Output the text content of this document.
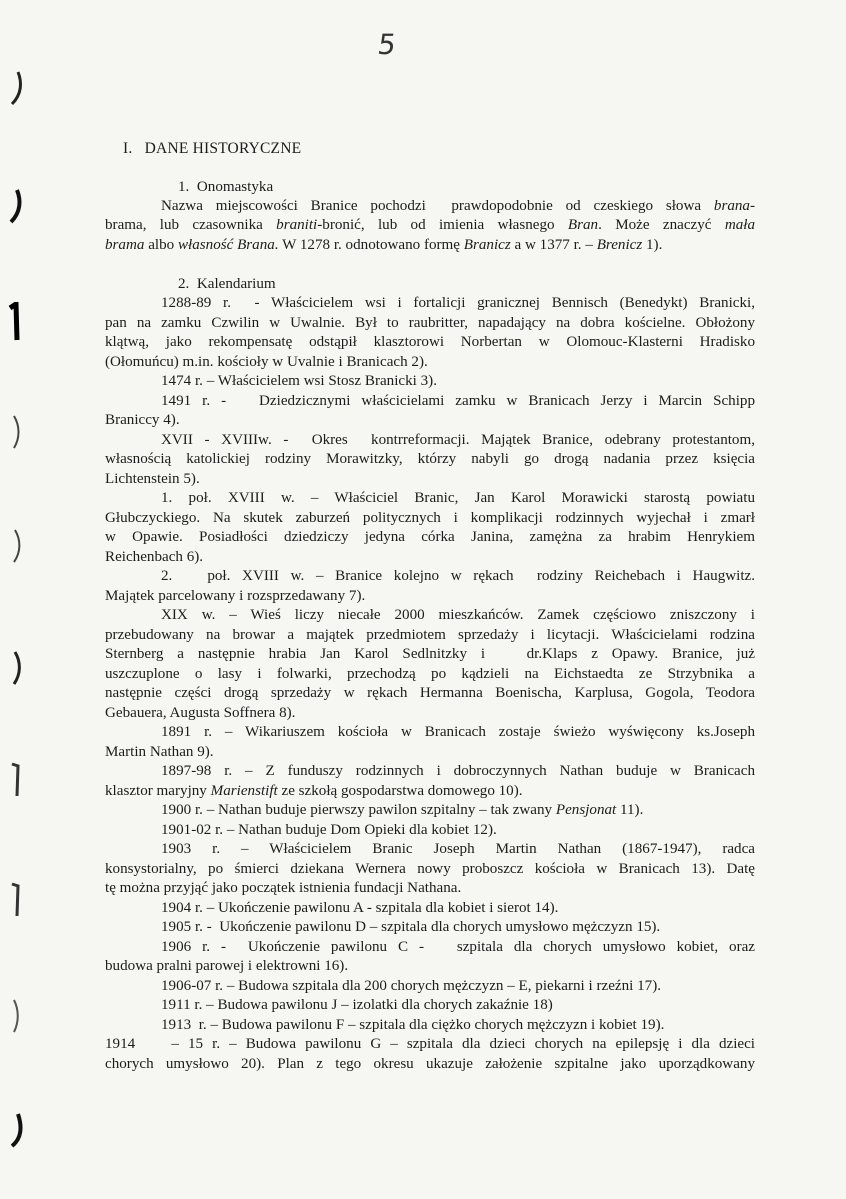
5
I.   DANE HISTORYCZNE
1.  Onomastyka
Nazwa miejscowości Branice pochodzi  prawdopodobnie od czeskiego słowa brana-
brama, lub czasownika braniti-bronić, lub od imienia własnego Bran. Może znaczyć mała
brama albo własność Brana. W 1278 r. odnotowano formę Branicz a w 1377 r. – Brenicz 1).
2.  Kalendarium
1288-89 r.  - Właścicielem wsi i fortalicji granicznej Bennisch (Benedykt) Branicki,
pan na zamku Czwilin w Uwalnie. Był to raubritter, napadający na dobra kościelne. Obłożony
klątwą, jako rekompensatę odstąpił klasztorowi Norbertan w Olomouc-Klasterni Hradisko
(Ołomuńcu) m.in. kościoły w Uvalnie i Branicach 2).
1474 r. – Właścicielem wsi Stosz Branicki 3).
1491 r. -   Dziedzicznymi właścicielami zamku w Branicach Jerzy i Marcin Schipp
Braniccy 4).
XVII - XVIIIw. -  Okres  kontrreformacji. Majątek Branice, odebrany protestantom,
własnością katolickiej rodziny Morawitzky, którzy nabyli go drogą nadania przez księcia
Lichtenstein 5).
1. poł. XVIII w. – Właściciel Branic, Jan Karol Morawicki starostą powiatu
Głubczyckiego. Na skutek zaburzeń politycznych i komplikacji rodzinnych wyjechał i zmarł
w Opawie. Posiadłości dziedziczy jedyna córka Janina, zamężna za hrabim Henrykiem
Reichenbach 6).
2.   poł. XVIII w. – Branice kolejno w rękach  rodziny Reichebach i Haugwitz.
Majątek parcelowany i rozsprzedawany 7).
XIX w. – Wieś liczy niecałe 2000 mieszkańców. Zamek częściowo zniszczony i
przebudowany na browar a majątek przedmiotem sprzedaży i licytacji. Właścicielami rodzina
Sternberg a następnie hrabia Jan Karol Sedlnitzky i   dr.Klaps z Opawy. Branice, już
uszczuplone o lasy i folwarki, przechodzą po kądzieli na Eichstaedta ze Strzybnika a
następnie części drogą sprzedaży w rękach Hermanna Boenischa, Karplusa, Gogola, Teodora
Gebauera, Augusta Soffnera 8).
1891 r. – Wikariuszem kościoła w Branicach zostaje świeżo wyświęcony ks.Joseph
Martin Nathan 9).
1897-98 r. – Z funduszy rodzinnych i dobroczynnych Nathan buduje w Branicach
klasztor maryjny Marienstift ze szkołą gospodarstwa domowego 10).
1900 r. – Nathan buduje pierwszy pawilon szpitalny – tak zwany Pensjonat 11).
1901-02 r. – Nathan buduje Dom Opieki dla kobiet 12).
1903 r. – Właścicielem Branic Joseph Martin Nathan (1867-1947), radca
konsystorialny, po śmierci dziekana Wernera nowy proboszcz kościoła w Branicach 13). Datę
tę można przyjąć jako początek istnienia fundacji Nathana.
1904 r. – Ukończenie pawilonu A - szpitala dla kobiet i sierot 14).
1905 r. -  Ukończenie pawilonu D – szpitala dla chorych umysłowo mężczyzn 15).
1906 r. -  Ukończenie pawilonu C -   szpitala dla chorych umysłowo kobiet, oraz
budowa pralni parowej i elektrowni 16).
1906-07 r. – Budowa szpitala dla 200 chorych mężczyzn – E, piekarni i rzeźni 17).
1911 r. – Budowa pawilonu J – izolatki dla chorych zakaźnie 18)
1913  r. – Budowa pawilonu F – szpitala dla ciężko chorych mężczyzn i kobiet 19).
1914    – 15 r. – Budowa pawilonu G – szpitala dla dzieci chorych na epilepsję i dla dzieci
chorych umysłowo 20). Plan z tego okresu ukazuje założenie szpitalne jako uporządkowany
